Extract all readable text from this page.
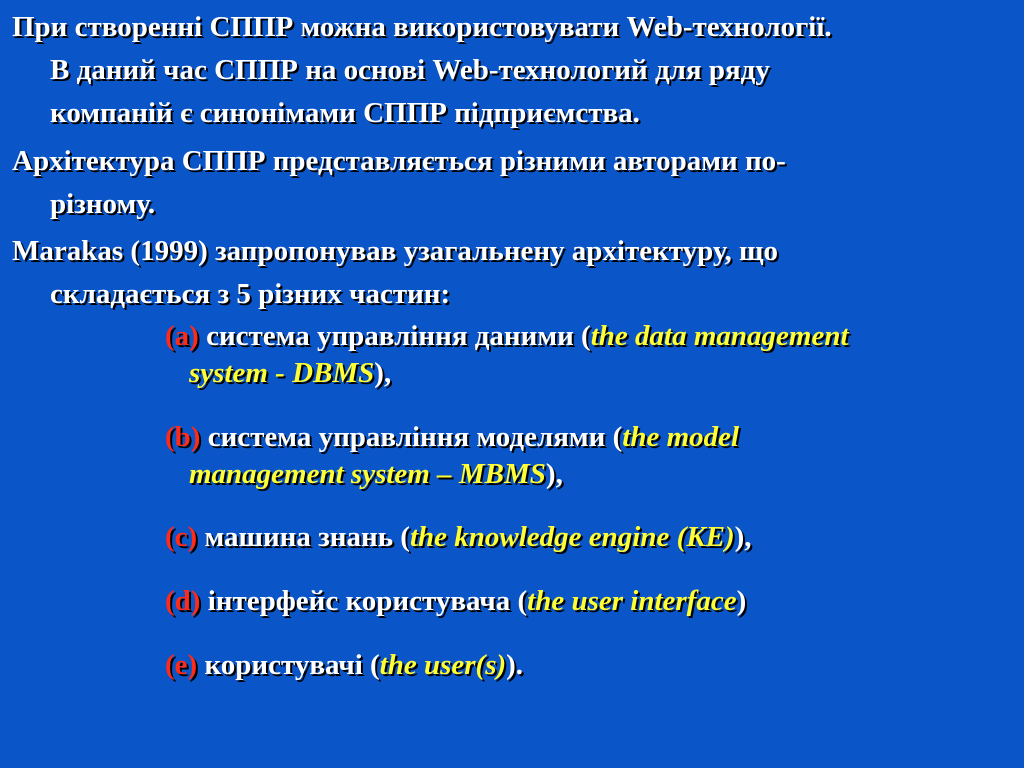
При створенні СППР можна використовувати Web-технології.
В даний час СППР на основі Web-технологий для ряду
компаній є синонімами СППР підприємства.
Архітектура СППР представляється різними авторами по-
різному.
Marakas (1999) запропонував узагальнену архітектуру, що
складається з 5 різних частин:
(a) система управління даними (the data management
system - DBMS),
(b) система управління моделями (the model
management system – MBMS),
(c) машина знань (the knowledge engine (KE)),
(d) інтерфейс користувача (the user interface)
(e) користувачі (the user(s)).
